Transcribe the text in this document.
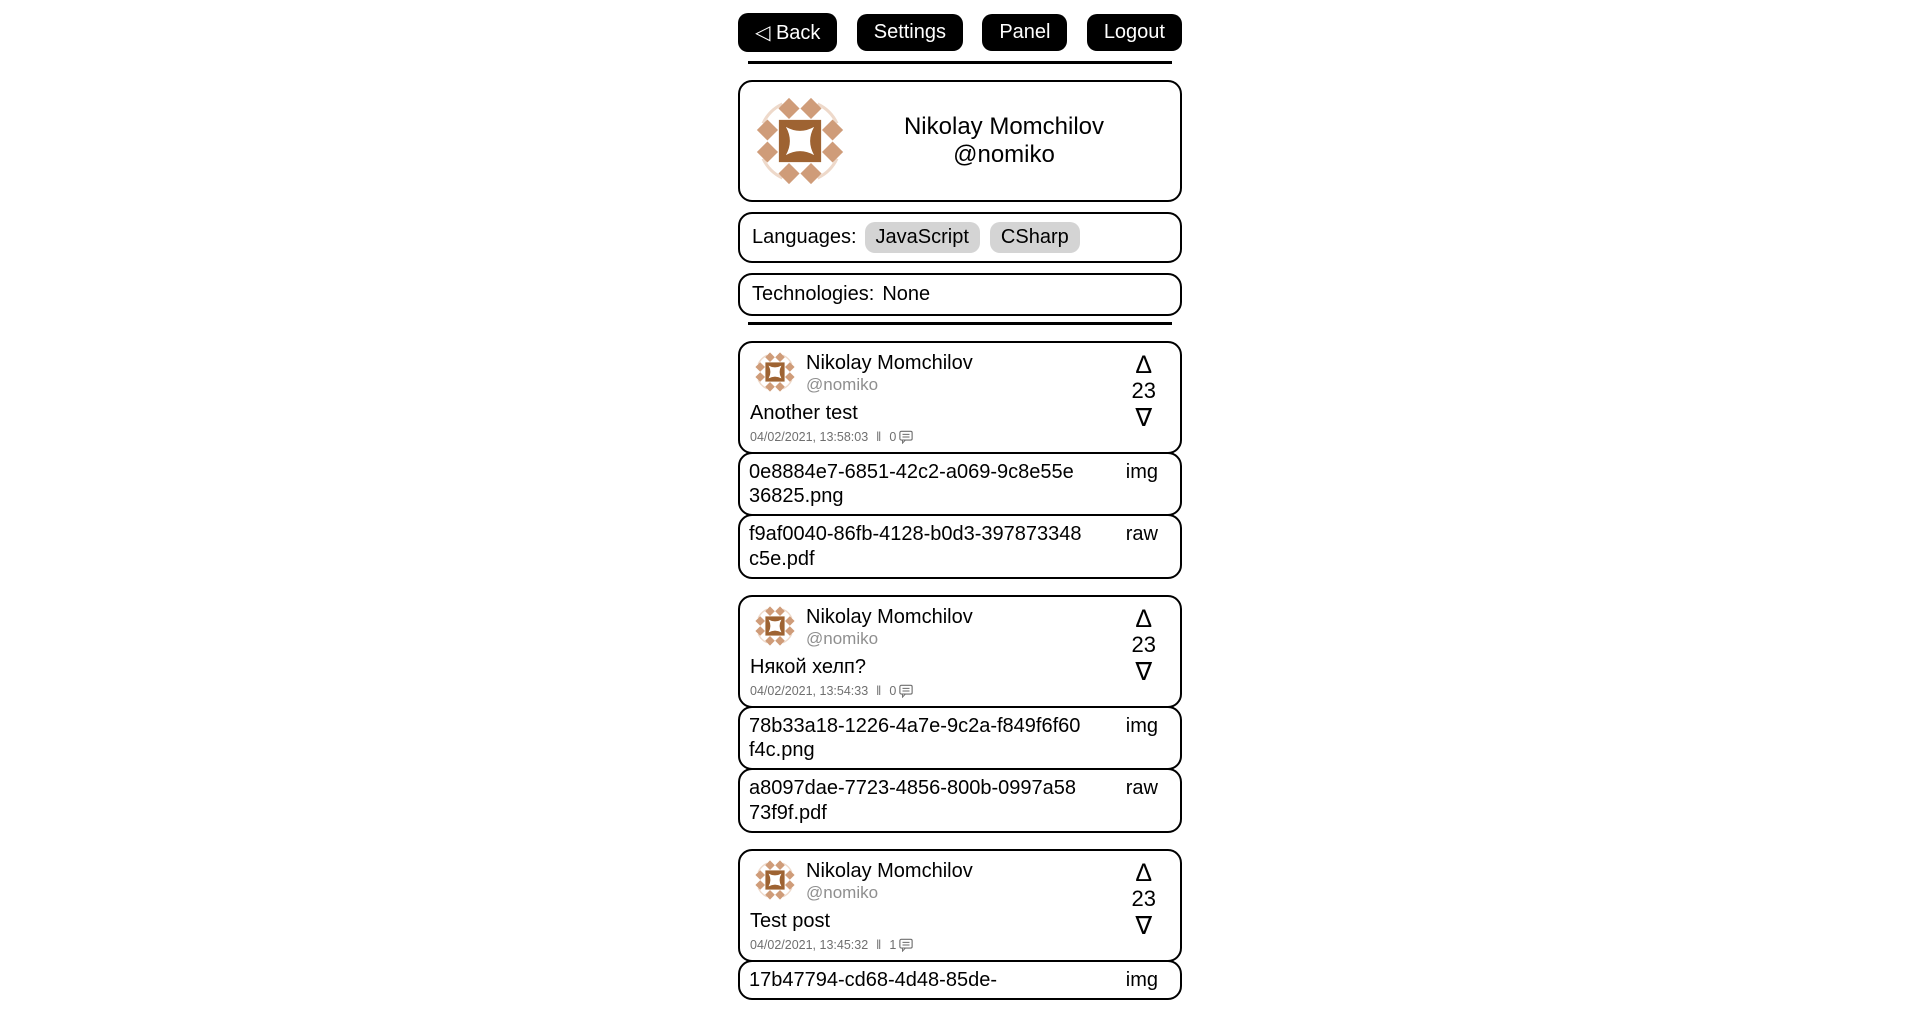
◁ Back	Settings	Panel	Logout
Nikolay Momchilov
@nomiko
Languages: JavaScript	CSharp
Technologies: None
Nikolay Momchilov
@nomiko
Another test
04/02/2021, 13:58:03 ‖ 0
Δ
23
∇
0e8884e7-6851-42c2-a069-9c8e55e36825.png
img
f9af0040-86fb-4128-b0d3-397873348c5e.pdf
raw
Nikolay Momchilov
@nomiko
Някой хелп?
04/02/2021, 13:54:33 ‖ 0
Δ
23
∇
78b33a18-1226-4a7e-9c2a-f849f6f60f4c.png
img
a8097dae-7723-4856-800b-0997a5873f9f.pdf
raw
Nikolay Momchilov
@nomiko
Test post
04/02/2021, 13:45:32 ‖ 1
Δ
23
∇
17b47794-cd68-4d48-85de-	img
